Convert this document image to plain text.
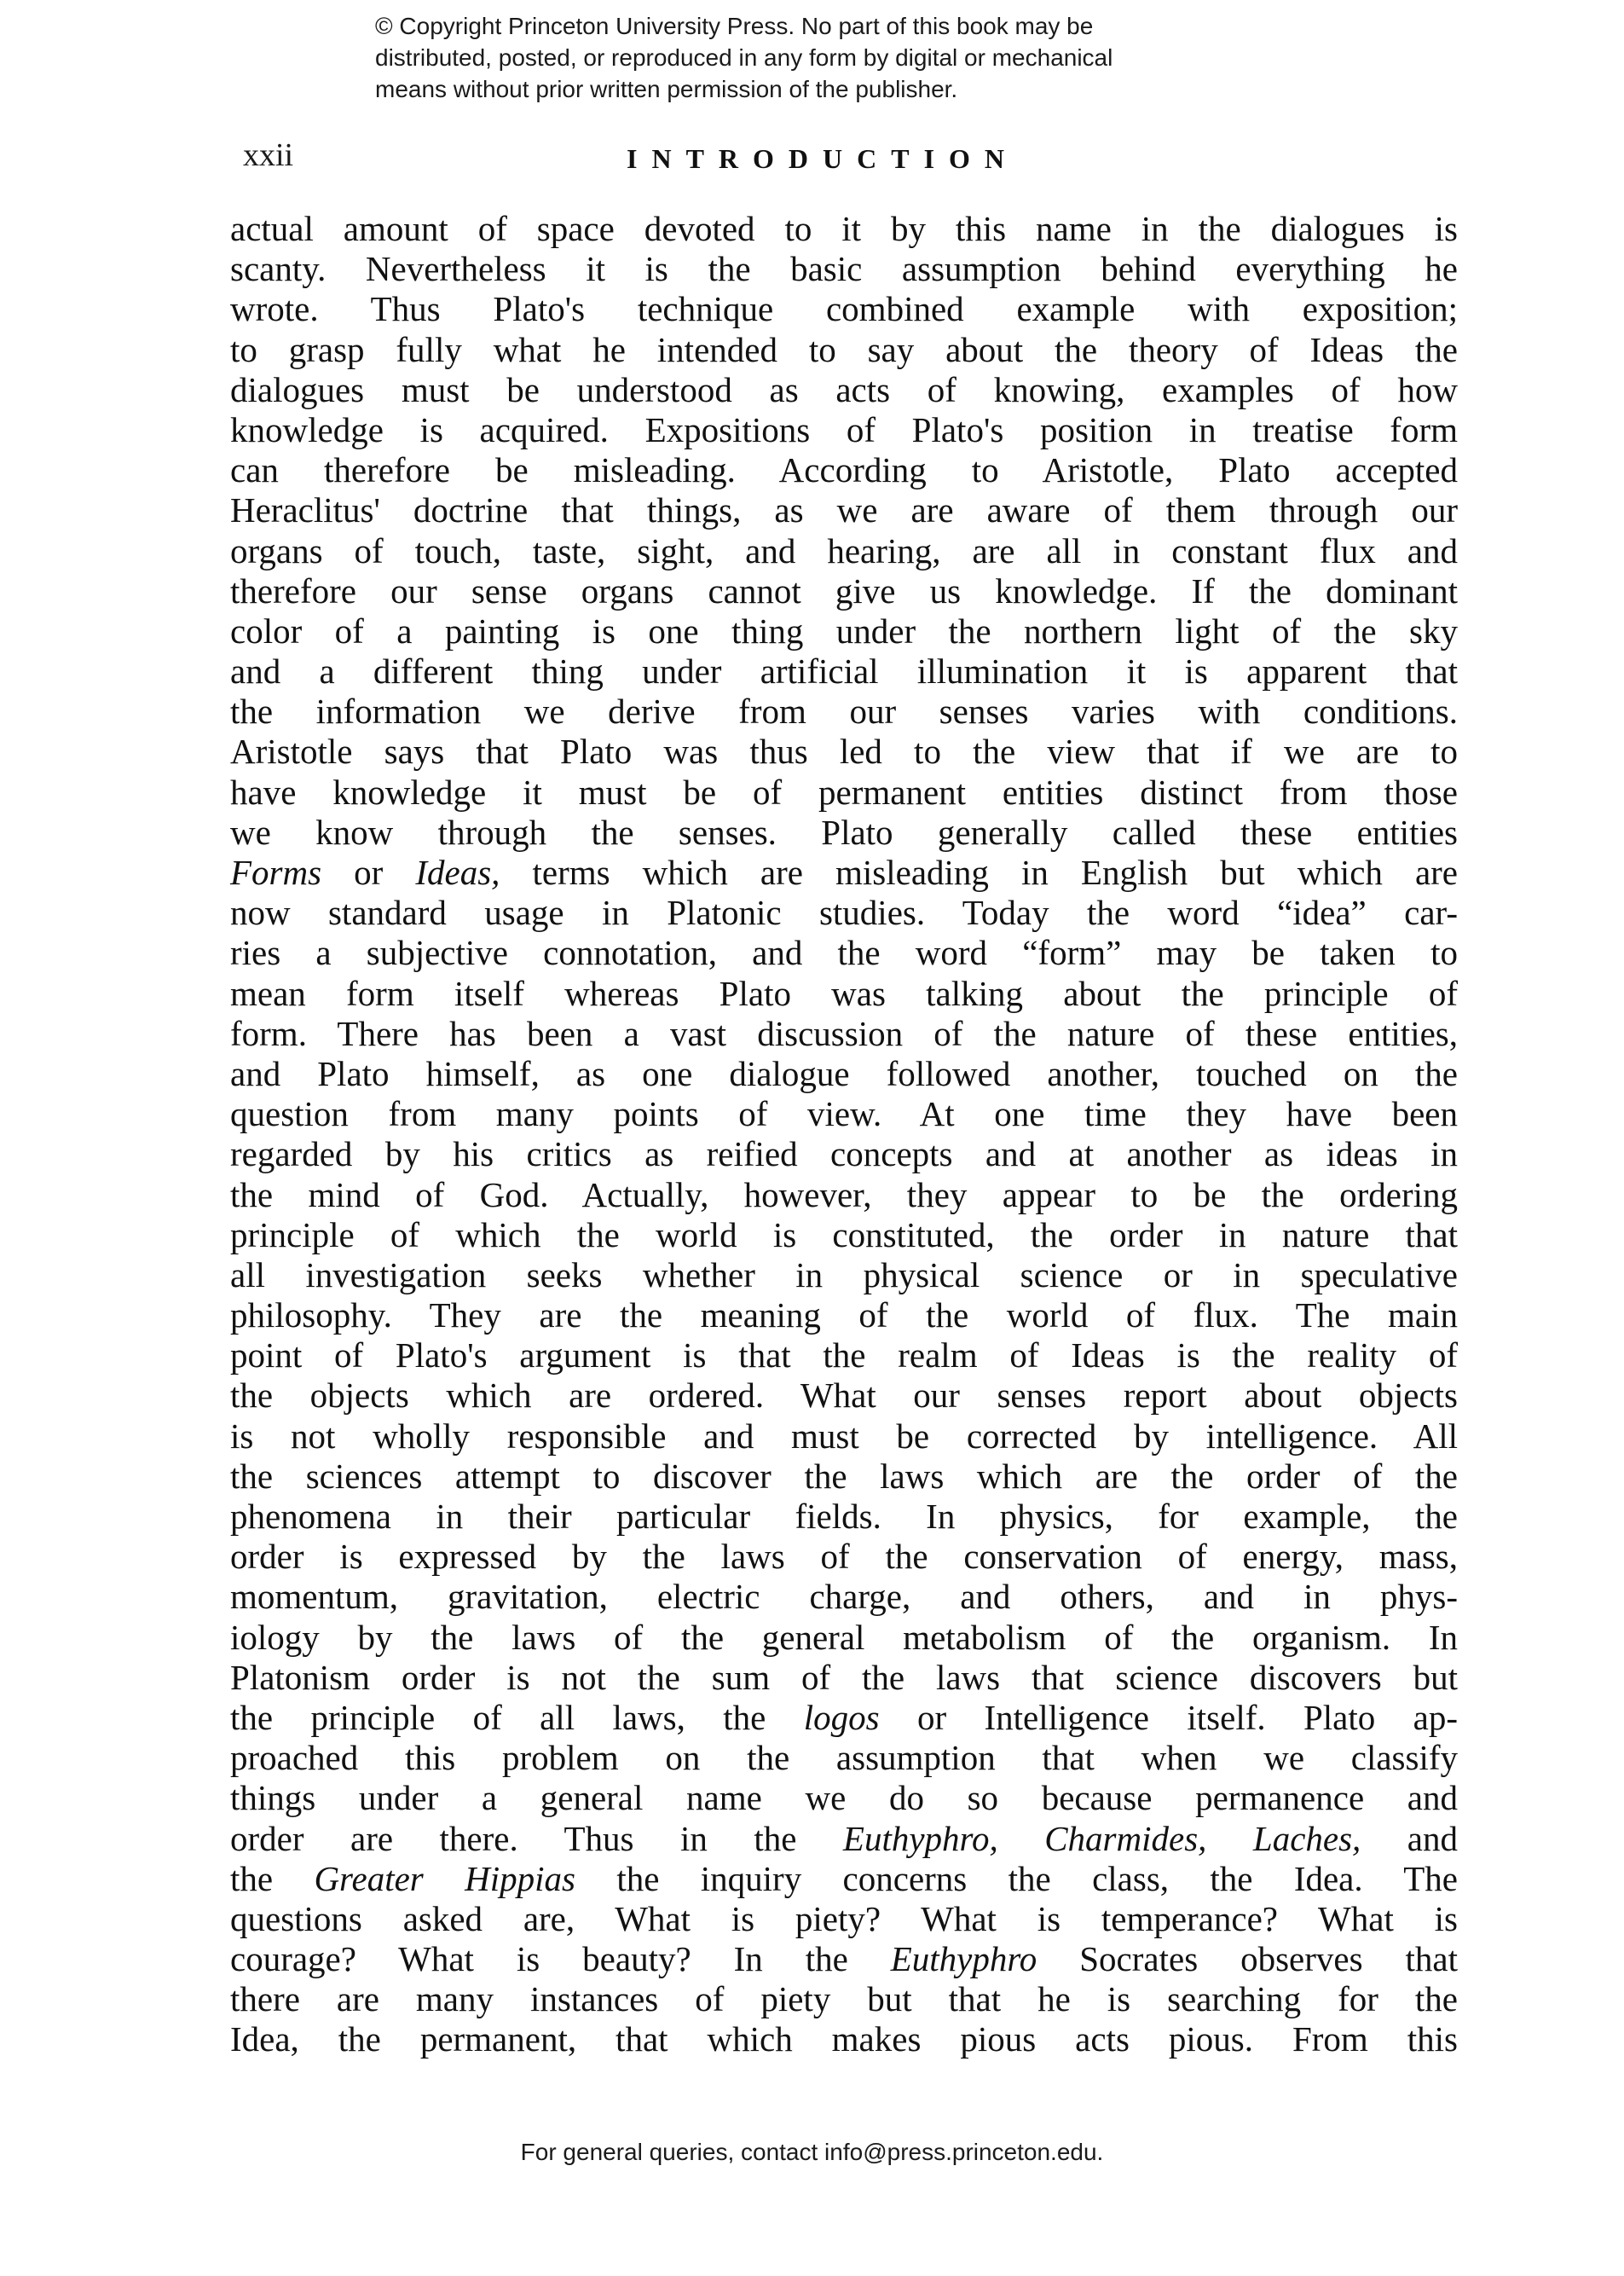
© Copyright Princeton University Press. No part of this book may be
distributed, posted, or reproduced in any form by digital or mechanical
means without prior written permission of the publisher.
xxii	INTRODUCTION
actual amount of space devoted to it by this name in the dialogues is
scanty. Nevertheless it is the basic assumption behind everything he
wrote. Thus Plato's technique combined example with exposition;
to grasp fully what he intended to say about the theory of Ideas the
dialogues must be understood as acts of knowing, examples of how
knowledge is acquired. Expositions of Plato's position in treatise form
can therefore be misleading. According to Aristotle, Plato accepted
Heraclitus' doctrine that things, as we are aware of them through our
organs of touch, taste, sight, and hearing, are all in constant flux and
therefore our sense organs cannot give us knowledge. If the dominant
color of a painting is one thing under the northern light of the sky
and a different thing under artificial illumination it is apparent that
the information we derive from our senses varies with conditions.
Aristotle says that Plato was thus led to the view that if we are to
have knowledge it must be of permanent entities distinct from those
we know through the senses. Plato generally called these entities
Forms or Ideas, terms which are misleading in English but which are
now standard usage in Platonic studies. Today the word “idea” car-
ries a subjective connotation, and the word “form” may be taken to
mean form itself whereas Plato was talking about the principle of
form. There has been a vast discussion of the nature of these entities,
and Plato himself, as one dialogue followed another, touched on the
question from many points of view. At one time they have been
regarded by his critics as reified concepts and at another as ideas in
the mind of God. Actually, however, they appear to be the ordering
principle of which the world is constituted, the order in nature that
all investigation seeks whether in physical science or in speculative
philosophy. They are the meaning of the world of flux. The main
point of Plato's argument is that the realm of Ideas is the reality of
the objects which are ordered. What our senses report about objects
is not wholly responsible and must be corrected by intelligence. All
the sciences attempt to discover the laws which are the order of the
phenomena in their particular fields. In physics, for example, the
order is expressed by the laws of the conservation of energy, mass,
momentum, gravitation, electric charge, and others, and in phys-
iology by the laws of the general metabolism of the organism. In
Platonism order is not the sum of the laws that science discovers but
the principle of all laws, the logos or Intelligence itself. Plato ap-
proached this problem on the assumption that when we classify
things under a general name we do so because permanence and
order are there. Thus in the Euthyphro, Charmides, Laches, and
the Greater Hippias the inquiry concerns the class, the Idea. The
questions asked are, What is piety? What is temperance? What is
courage? What is beauty? In the Euthyphro Socrates observes that
there are many instances of piety but that he is searching for the
Idea, the permanent, that which makes pious acts pious. From this
For general queries, contact info@press.princeton.edu.
